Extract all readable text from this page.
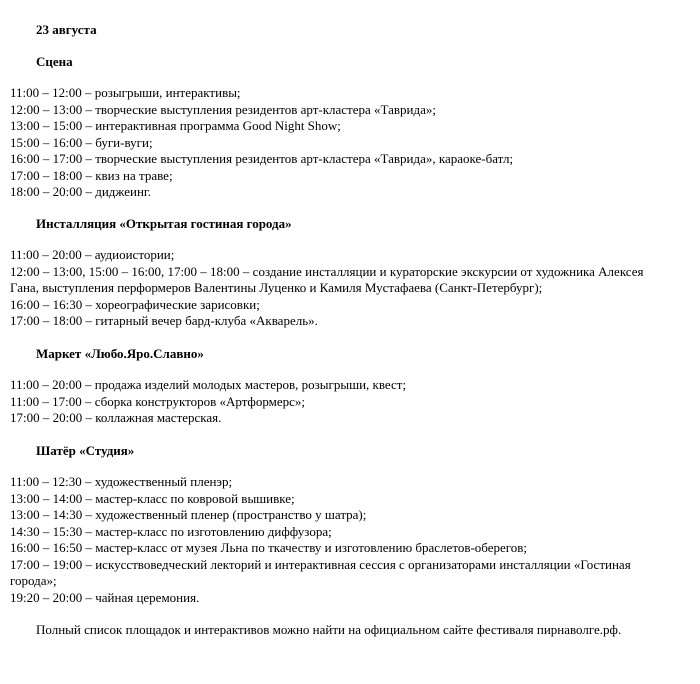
23 августа
Сцена
11:00 – 12:00 – розыгрыши, интерактивы;
12:00 – 13:00 – творческие выступления резидентов арт-кластера «Таврида»;
13:00 – 15:00 – интерактивная программа Good Night Show;
15:00 – 16:00 – буги-вуги;
16:00 – 17:00 – творческие выступления резидентов арт-кластера «Таврида», караоке-батл;
17:00 – 18:00 – квиз на траве;
18:00 – 20:00 – диджеинг.
Инсталляция «Открытая гостиная города»
11:00 – 20:00 – аудиоистории;
12:00 – 13:00, 15:00 – 16:00, 17:00 – 18:00 – создание инсталляции и кураторские экскурсии от художника Алексея Гана, выступления перформеров Валентины Луценко и Камиля Мустафаева (Санкт-Петербург);
16:00 – 16:30 – хореографические зарисовки;
17:00 – 18:00 – гитарный вечер бард-клуба «Акварель».
Маркет «Любо.Яро.Славно»
11:00 – 20:00 – продажа изделий молодых мастеров, розыгрыши, квест;
11:00 – 17:00 – сборка конструкторов «Артформерс»;
17:00 – 20:00 – коллажная мастерская.
Шатёр «Студия»
11:00 – 12:30 – художественный пленэр;
13:00 – 14:00 – мастер-класс по ковровой вышивке;
13:00 – 14:30 – художественный пленер (пространство у шатра);
14:30 – 15:30 – мастер-класс по изготовлению диффузора;
16:00 – 16:50 – мастер-класс от музея Льна по ткачеству и изготовлению браслетов-оберегов;
17:00 – 19:00 – искусствоведческий лекторий и интерактивная сессия с организаторами инсталляции «Гостиная города»;
19:20 – 20:00 – чайная церемония.
Полный список площадок и интерактивов можно найти на официальном сайте фестиваля пирнаволге.рф.
